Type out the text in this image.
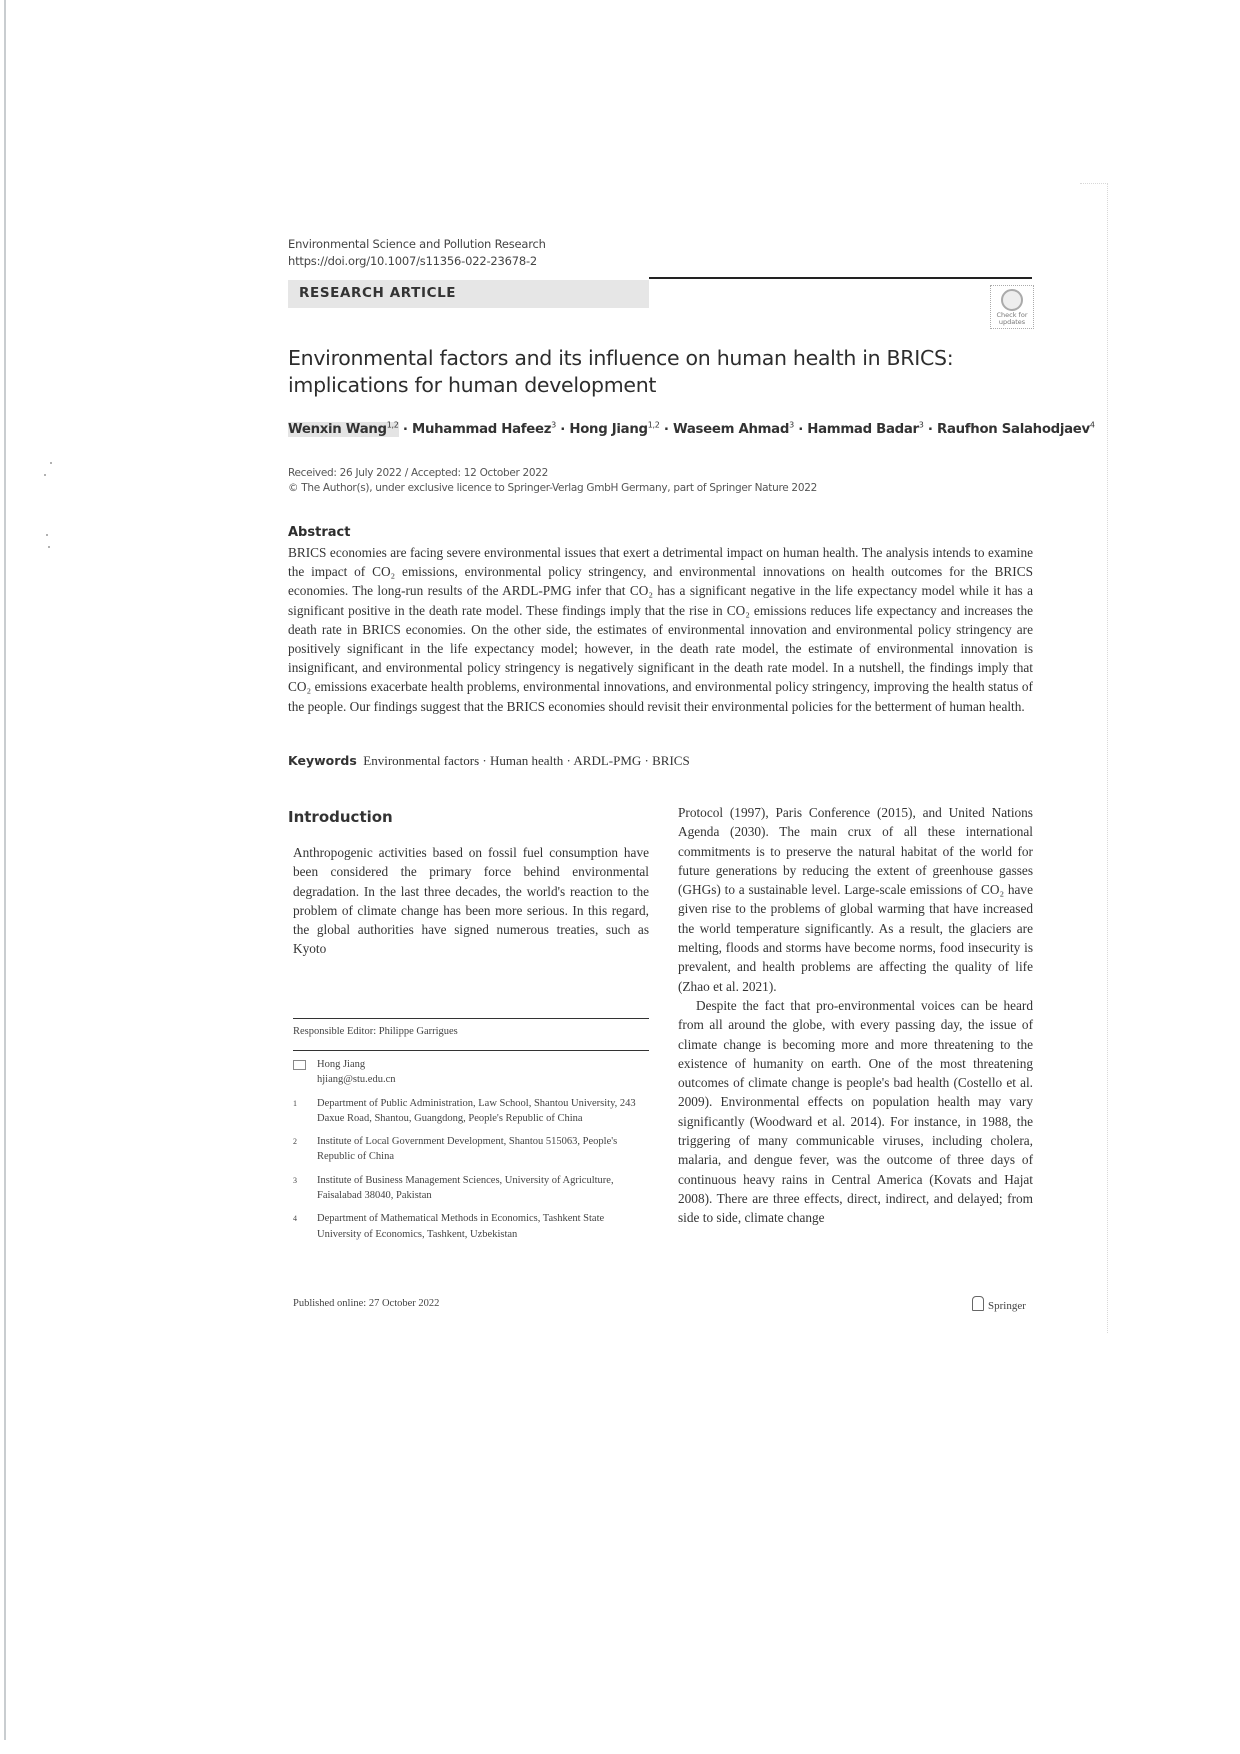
Environmental Science and Pollution Research
https://doi.org/10.1007/s11356-022-23678-2
RESEARCH ARTICLE
Check for updates
Environmental factors and its influence on human health in BRICS:
implications for human development
Wenxin Wang$^{1,2}$ · Muhammad Hafeez$^3$ · Hong Jiang$^{1,2}$ · Waseem Ahmad$^3$ · Hammad Badar$^3$ · Raufhon Salahodjaev$^4$
Received: 26 July 2022 / Accepted: 12 October 2022
© The Author(s), under exclusive licence to Springer-Verlag GmbH Germany, part of Springer Nature 2022
Abstract
BRICS economies are facing severe environmental issues that exert a detrimental impact on human health. The analysis intends to examine the impact of CO₂ emissions, environmental policy stringency, and environmental innovations on health outcomes for the BRICS economies. The long-run results of the ARDL-PMG infer that CO₂ has a significant negative in the life expectancy model while it has a significant positive in the death rate model. These findings imply that the rise in CO₂ emissions reduces life expectancy and increases the death rate in BRICS economies. On the other side, the estimates of environmental innovation and environmental policy stringency are positively significant in the life expectancy model; however, in the death rate model, the estimate of environmental innovation is insignificant, and environmental policy stringency is negatively significant in the death rate model. In a nutshell, the findings imply that CO₂ emissions exacerbate health problems, environmental innovations, and environmental policy stringency, improving the health status of the people. Our findings suggest that the BRICS economies should revisit their environmental policies for the betterment of human health.
Keywords Environmental factors · Human health · ARDL-PMG · BRICS
Introduction
Anthropogenic activities based on fossil fuel consumption have been considered the primary force behind environmental degradation. In the last three decades, the world's reaction to the problem of climate change has been more serious. In this regard, the global authorities have signed numerous treaties, such as Kyoto

Protocol (1997), Paris Conference (2015), and United Nations Agenda (2030). The main crux of all these international commitments is to preserve the natural habitat of the world for future generations by reducing the extent of greenhouse gasses (GHGs) to a sustainable level. Large-scale emissions of CO₂ have given rise to the problems of global warming that have increased the world temperature significantly. As a result, the glaciers are melting, floods and storms have become norms, food insecurity is prevalent, and health problems are affecting the quality of life (Zhao et al. 2021).

Despite the fact that pro-environmental voices can be heard from all around the globe, with every passing day, the issue of climate change is becoming more and more threatening to the existence of humanity on earth. One of the most threatening outcomes of climate change is people's bad health (Costello et al. 2009). Environmental effects on population health may vary significantly (Woodward et al. 2014). For instance, in 1988, the triggering of many communicable viruses, including cholera, malaria, and dengue fever, was the outcome of three days of continuous heavy rains in Central America (Kovats and Hajat 2008). There are three effects, direct, indirect, and delayed; from side to side, climate change

Responsible Editor: Philippe Garrigues
Hong Jiang
hjiang@stu.edu.cn
1 Department of Public Administration, Law School, Shantou University, 243 Daxue Road, Shantou, Guangdong, People's Republic of China
2 Institute of Local Government Development, Shantou 515063, People's Republic of China
3 Institute of Business Management Sciences, University of Agriculture, Faisalabad 38040, Pakistan
4 Department of Mathematical Methods in Economics, Tashkent State University of Economics, Tashkent, Uzbekistan
Published online: 27 October 2022	Springer
